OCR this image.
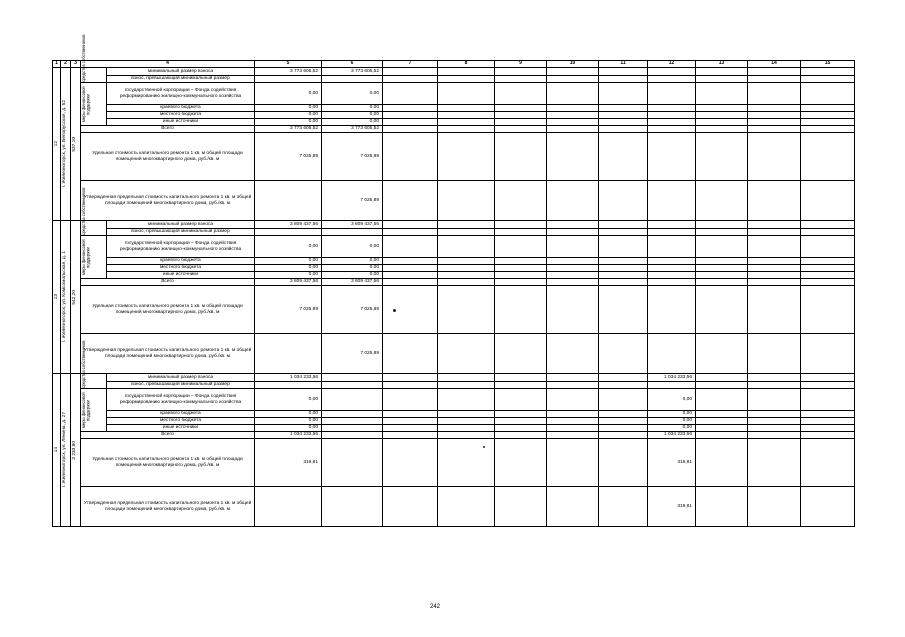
1	2	3	4		5	6	7	8	9	10	11	12	13	14	15

12	г. Железногорск, ул. Белорусская, д. 52	537,10	средства собственников	минимальный размер взноса	3 773 605,52	3 773 605,52									
				взнос, превышающий минимальный размер											

			меры финансовой поддержки	государственной корпорации – Фонда содействия реформированию жилищно-коммунального хозяйства	0,00	0,00									
				краевого бюджета	0,00	0,00									
				местного бюджета	0,00	0,00									
				иные источники	0,00	0,00									
			Всего		3 773 605,52	3 773 605,52									
			Удельная стоимость капитального ремонта 1 кв. м общей площади помещений многоквартирного дома, руб./кв. м		7 025,89	7 025,89									
			Утвержденная предельная стоимость капитального ремонта 1 кв. м общей площади помещений многоквартирного дома, руб./кв. м			7 025,89									

13	г. Железногорск, ул. Комсомольская, д. 1	542,20	средства собственников	минимальный размер взноса	3 809 437,56	3 809 437,56									
				взнос, превышающий минимальный размер											

			меры финансовой поддержки	государственной корпорации – Фонда содействия реформированию жилищно-коммунального хозяйства	0,00	0,00									
				краевого бюджета	0,00	0,00									
				местного бюджета	0,00	0,00									
				иные источники	0,00	0,00									
			Всего		3 809 437,56	3 809 437,56									
			Удельная стоимость капитального ремонта 1 кв. м общей площади помещений многоквартирного дома, руб./кв. м		7 025,89	7 025,89									
			Утвержденная предельная стоимость капитального ремонта 1 кв. м общей площади помещений многоквартирного дома, руб./кв. м			7 025,89									

14	г. Железногорск, ул. Ленина, д. 27	3 233,90	средства собственников	минимальный размер взноса	1 034 233,56							1 034 233,56			
				взнос, превышающий минимальный размер											

			меры финансовой поддержки	государственной корпорации – Фонда содействия реформированию жилищно-коммунального хозяйства	0,00							0,00			
				краевого бюджета	0,00							0,00			
				местного бюджета	0,00							0,00			
				иные источники	0,00							0,00			
			Всего		1 034 233,56							1 034 233,56			
			Удельная стоимость капитального ремонта 1 кв. м общей площади помещений многоквартирного дома, руб./кв. м		319,81							319,81			
			Утвержденная предельная стоимость капитального ремонта 1 кв. м общей площади помещений многоквартирного дома, руб./кв. м									319,81			
242
